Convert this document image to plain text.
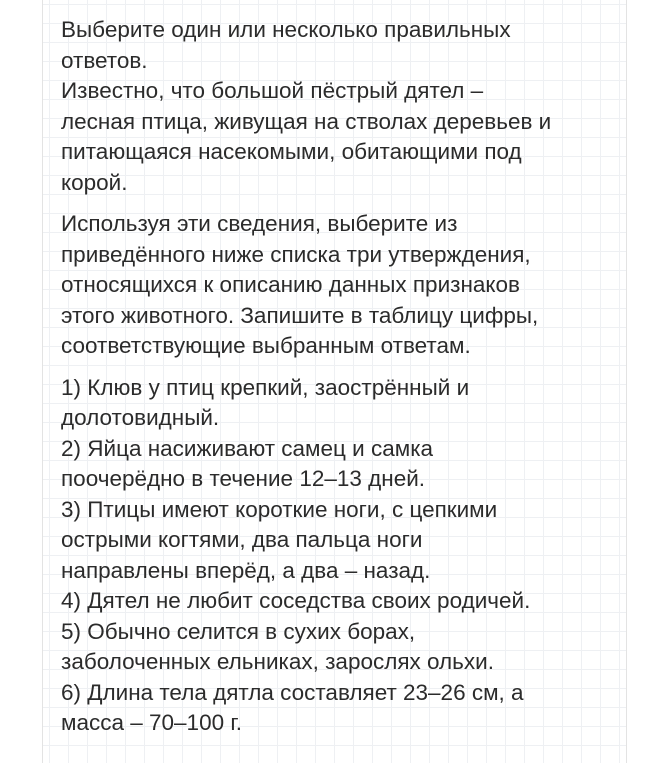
Выберите один или несколько правильных
ответов.
Известно, что большой пёстрый дятел –
лесная птица, живущая на стволах деревьев и
питающаяся насекомыми, обитающими под
корой.

Используя эти сведения, выберите из
приведённого ниже списка три утверждения,
относящихся к описанию данных признаков
этого животного. Запишите в таблицу цифры,
соответствующие выбранным ответам.

1) Клюв у птиц крепкий, заострённый и
долотовидный.
2) Яйца насиживают самец и самка
поочерёдно в течение 12–13 дней.
3) Птицы имеют короткие ноги, с цепкими
острыми когтями, два пальца ноги
направлены вперёд, а два – назад.
4) Дятел не любит соседства своих родичей.
5) Обычно селится в сухих борах,
заболоченных ельниках, зарослях ольхи.
6) Длина тела дятла составляет 23–26 см, а
масса – 70–100 г.
